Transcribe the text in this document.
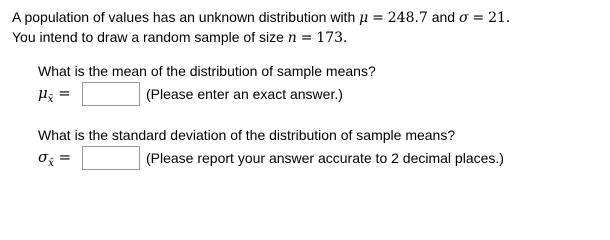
A population of values has an unknown distribution with μ = 248.7 and σ = 21.
You intend to draw a random sample of size n = 173.
What is the mean of the distribution of sample means?
$\mu_{x̄}$ =	(Please enter an exact answer.)
What is the standard deviation of the distribution of sample means?
$\sigma_{x̄}$ =	(Please report your answer accurate to 2 decimal places.)
